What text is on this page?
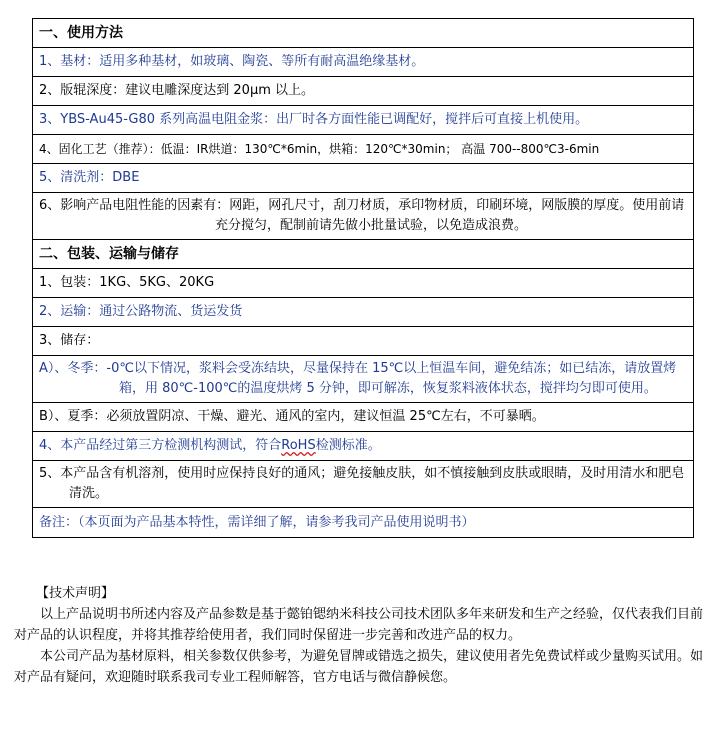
一、使用方法
1、基材：适用多种基材，如玻璃、陶瓷、等所有耐高温绝缘基材。
2、版辊深度：建议电雕深度达到 20μm 以上。
3、YBS-Au45-G80 系列高温电阻金浆：出厂时各方面性能已调配好，搅拌后可直接上机使用。
4、固化工艺（推荐）：低温：IR烘道：130℃*6min，烘箱：120℃*30min； 高温 700--800℃3-6min
5、清洗剂：DBE
6、影响产品电阻性能的因素有：网距，网孔尺寸，刮刀材质，承印物材质，印刷环境，网版膜的厚度。使用前请充分搅匀，配制前请先做小批量试验，以免造成浪费。
二、包装、运输与储存
1、包装：1KG、5KG、20KG
2、运输：通过公路物流、货运发货
3、储存：
A）、冬季：-0℃以下情况，浆料会受冻结块，尽量保持在 15℃以上恒温车间，避免结冻；如已结冻，请放置烤箱，用 80℃-100℃的温度烘烤 5 分钟，即可解冻，恢复浆料液体状态，搅拌均匀即可使用。
B）、夏季：必须放置阴凉、干燥、避光、通风的室内，建议恒温 25℃左右，不可暴晒。
4、本产品经过第三方检测机构测试，符合 RoHS 检测标准。
5、本产品含有机溶剂，使用时应保持良好的通风；避免接触皮肤，如不慎接触到皮肤或眼睛，及时用清水和肥皂清洗。
备注：（本页面为产品基本特性，需详细了解，请参考我司产品使用说明书）

【技术声明】

以上产品说明书所述内容及产品参数是基于懿铂锶纳米科技公司技术团队多年来研发和生产之经验，仅代表我们目前对产品的认识程度，并将其推荐给使用者，我们同时保留进一步完善和改进产品的权力。

本公司产品为基材原料，相关参数仅供参考，为避免冒牌或错选之损失，建议使用者先免费试样或少量购买试用。如对产品有疑问，欢迎随时联系我司专业工程师解答，官方电话与微信静候您。
